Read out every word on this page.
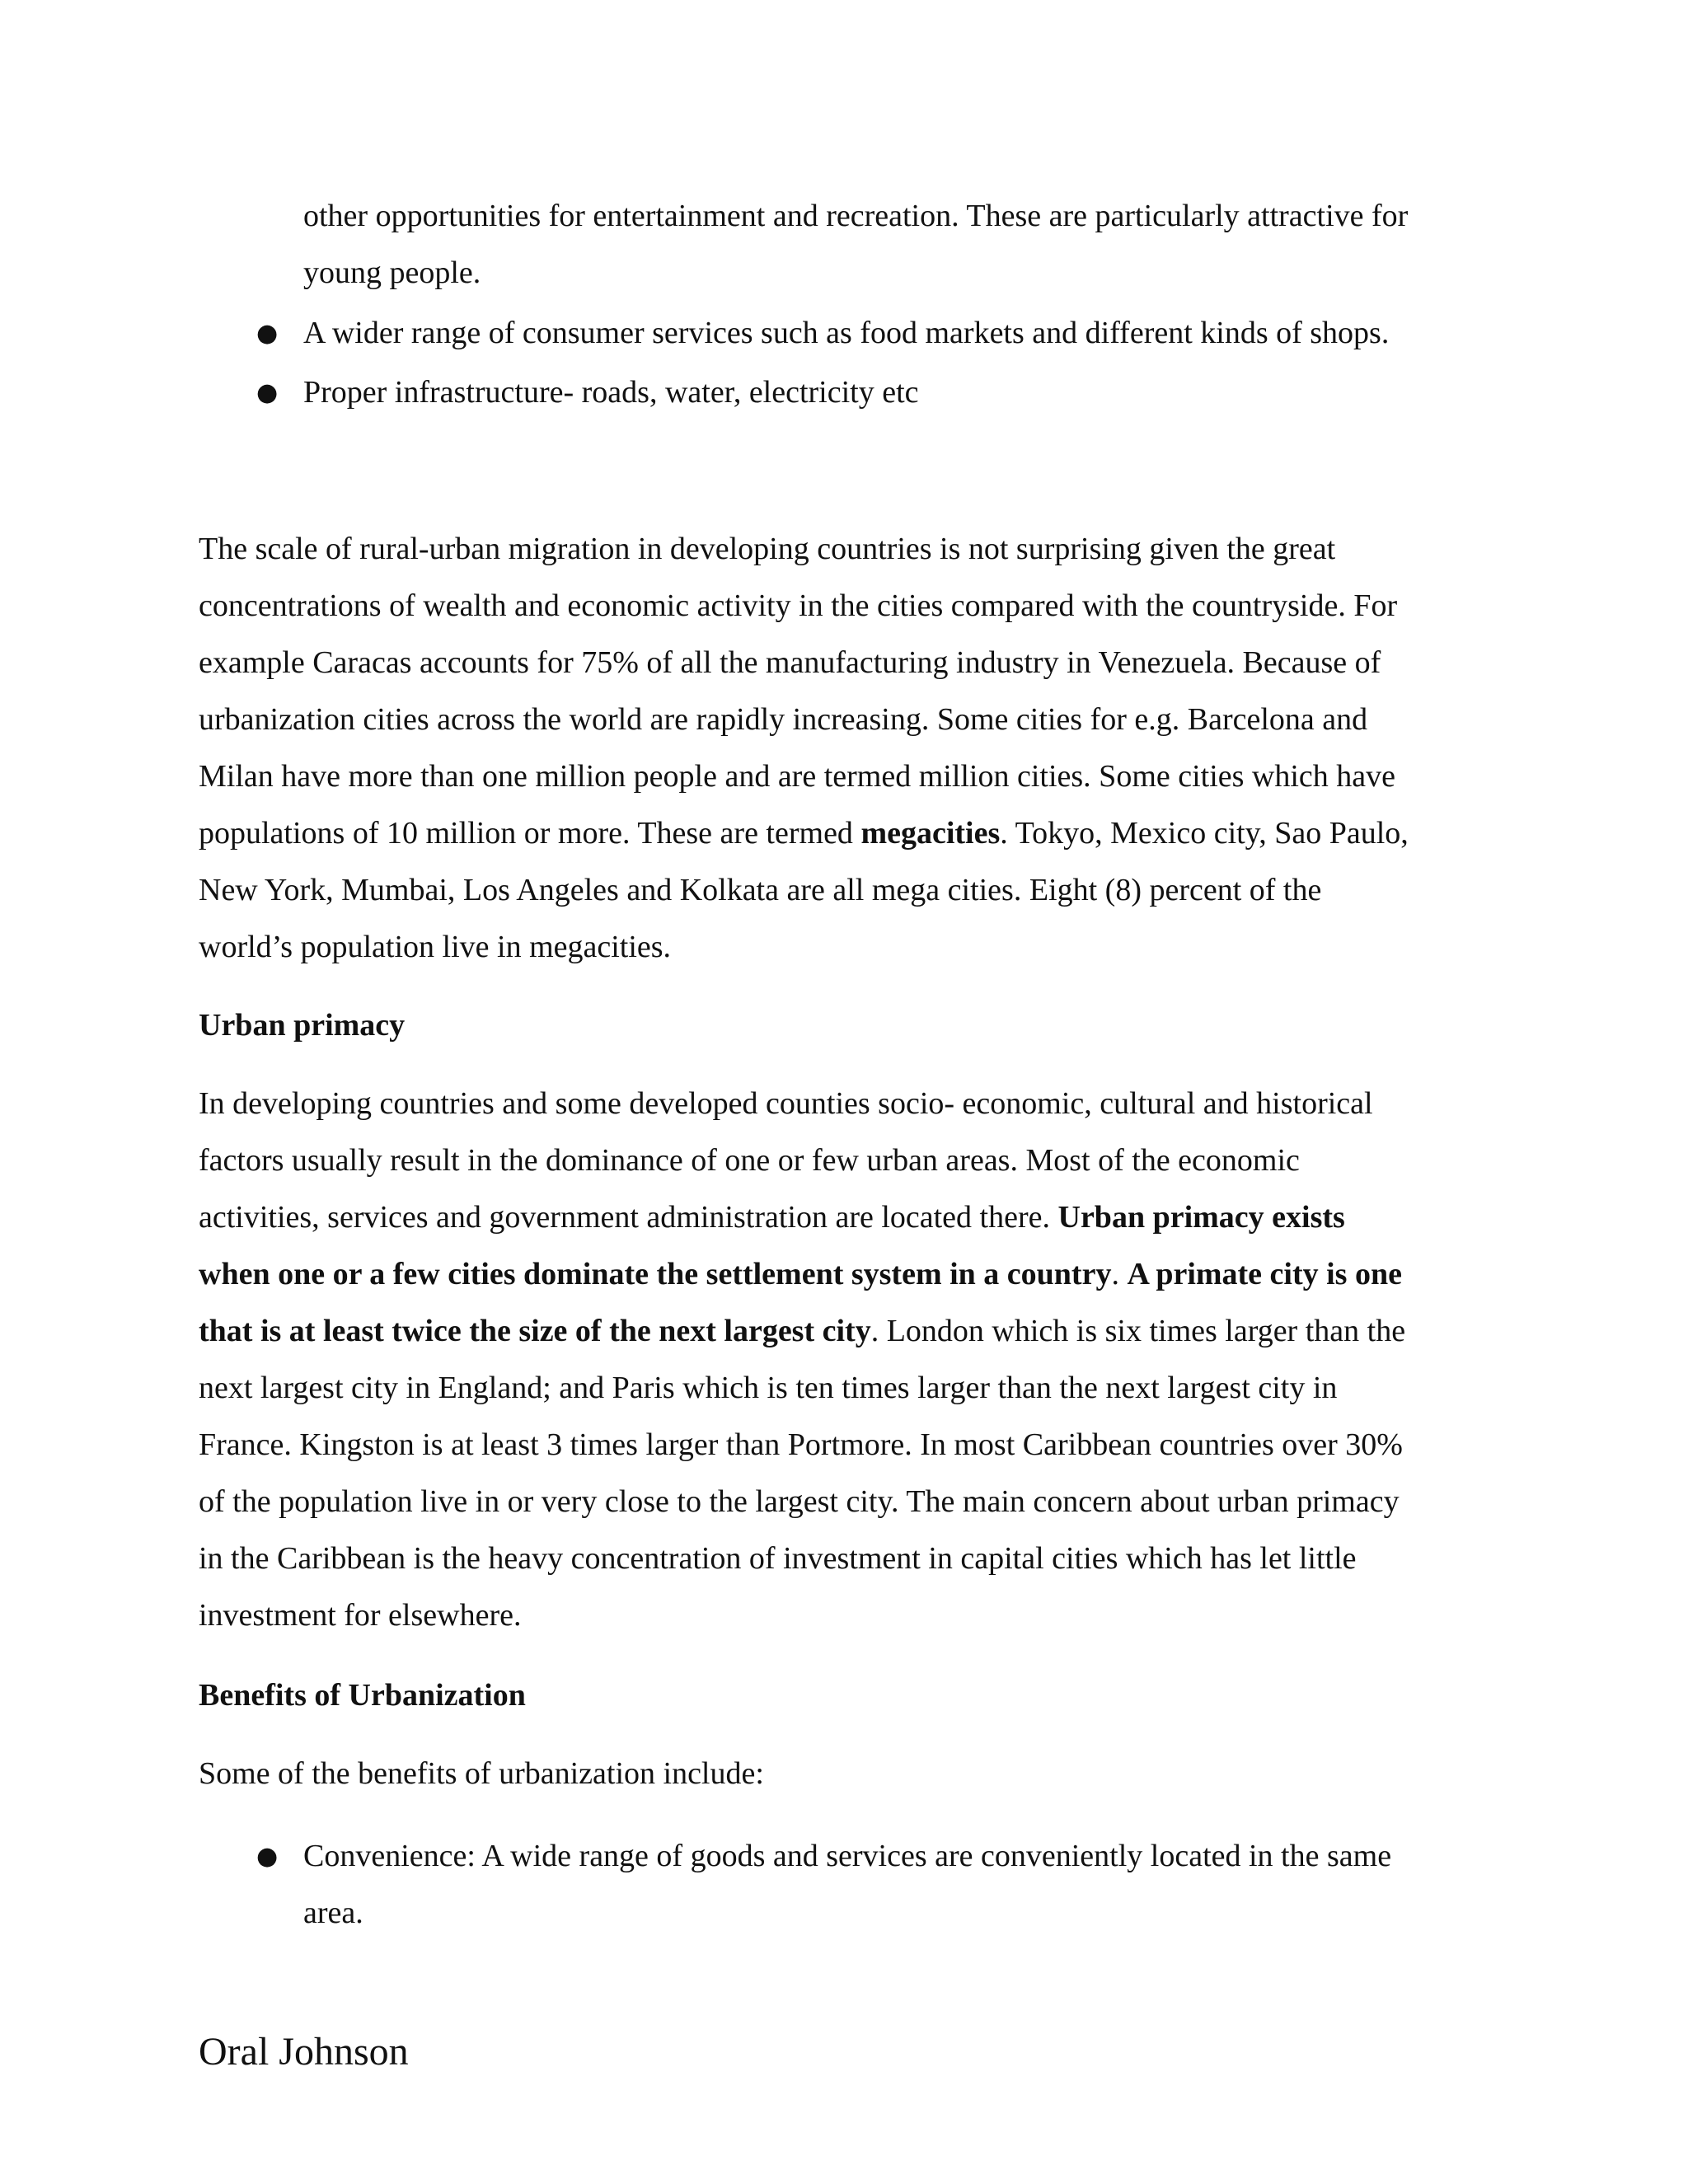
other opportunities for entertainment and recreation. These are particularly attractive for
young people.
● A wider range of consumer services such as food markets and different kinds of shops.
● Proper infrastructure- roads, water, electricity etc
The scale of rural-urban migration in developing countries is not surprising given the great
concentrations of wealth and economic activity in the cities compared with the countryside. For
example Caracas accounts for 75% of all the manufacturing industry in Venezuela. Because of
urbanization cities across the world are rapidly increasing. Some cities for e.g. Barcelona and
Milan have more than one million people and are termed million cities. Some cities which have
populations of 10 million or more. These are termed megacities. Tokyo, Mexico city, Sao Paulo,
New York, Mumbai, Los Angeles and Kolkata are all mega cities. Eight (8) percent of the
world’s population live in megacities.
Urban primacy
In developing countries and some developed counties socio- economic, cultural and historical
factors usually result in the dominance of one or few urban areas. Most of the economic
activities, services and government administration are located there. Urban primacy exists
when one or a few cities dominate the settlement system in a country. A primate city is one
that is at least twice the size of the next largest city. London which is six times larger than the
next largest city in England; and Paris which is ten times larger than the next largest city in
France. Kingston is at least 3 times larger than Portmore. In most Caribbean countries over 30%
of the population live in or very close to the largest city. The main concern about urban primacy
in the Caribbean is the heavy concentration of investment in capital cities which has let little
investment for elsewhere.
Benefits of Urbanization
Some of the benefits of urbanization include:
● Convenience: A wide range of goods and services are conveniently located in the same
area.
Oral Johnson
